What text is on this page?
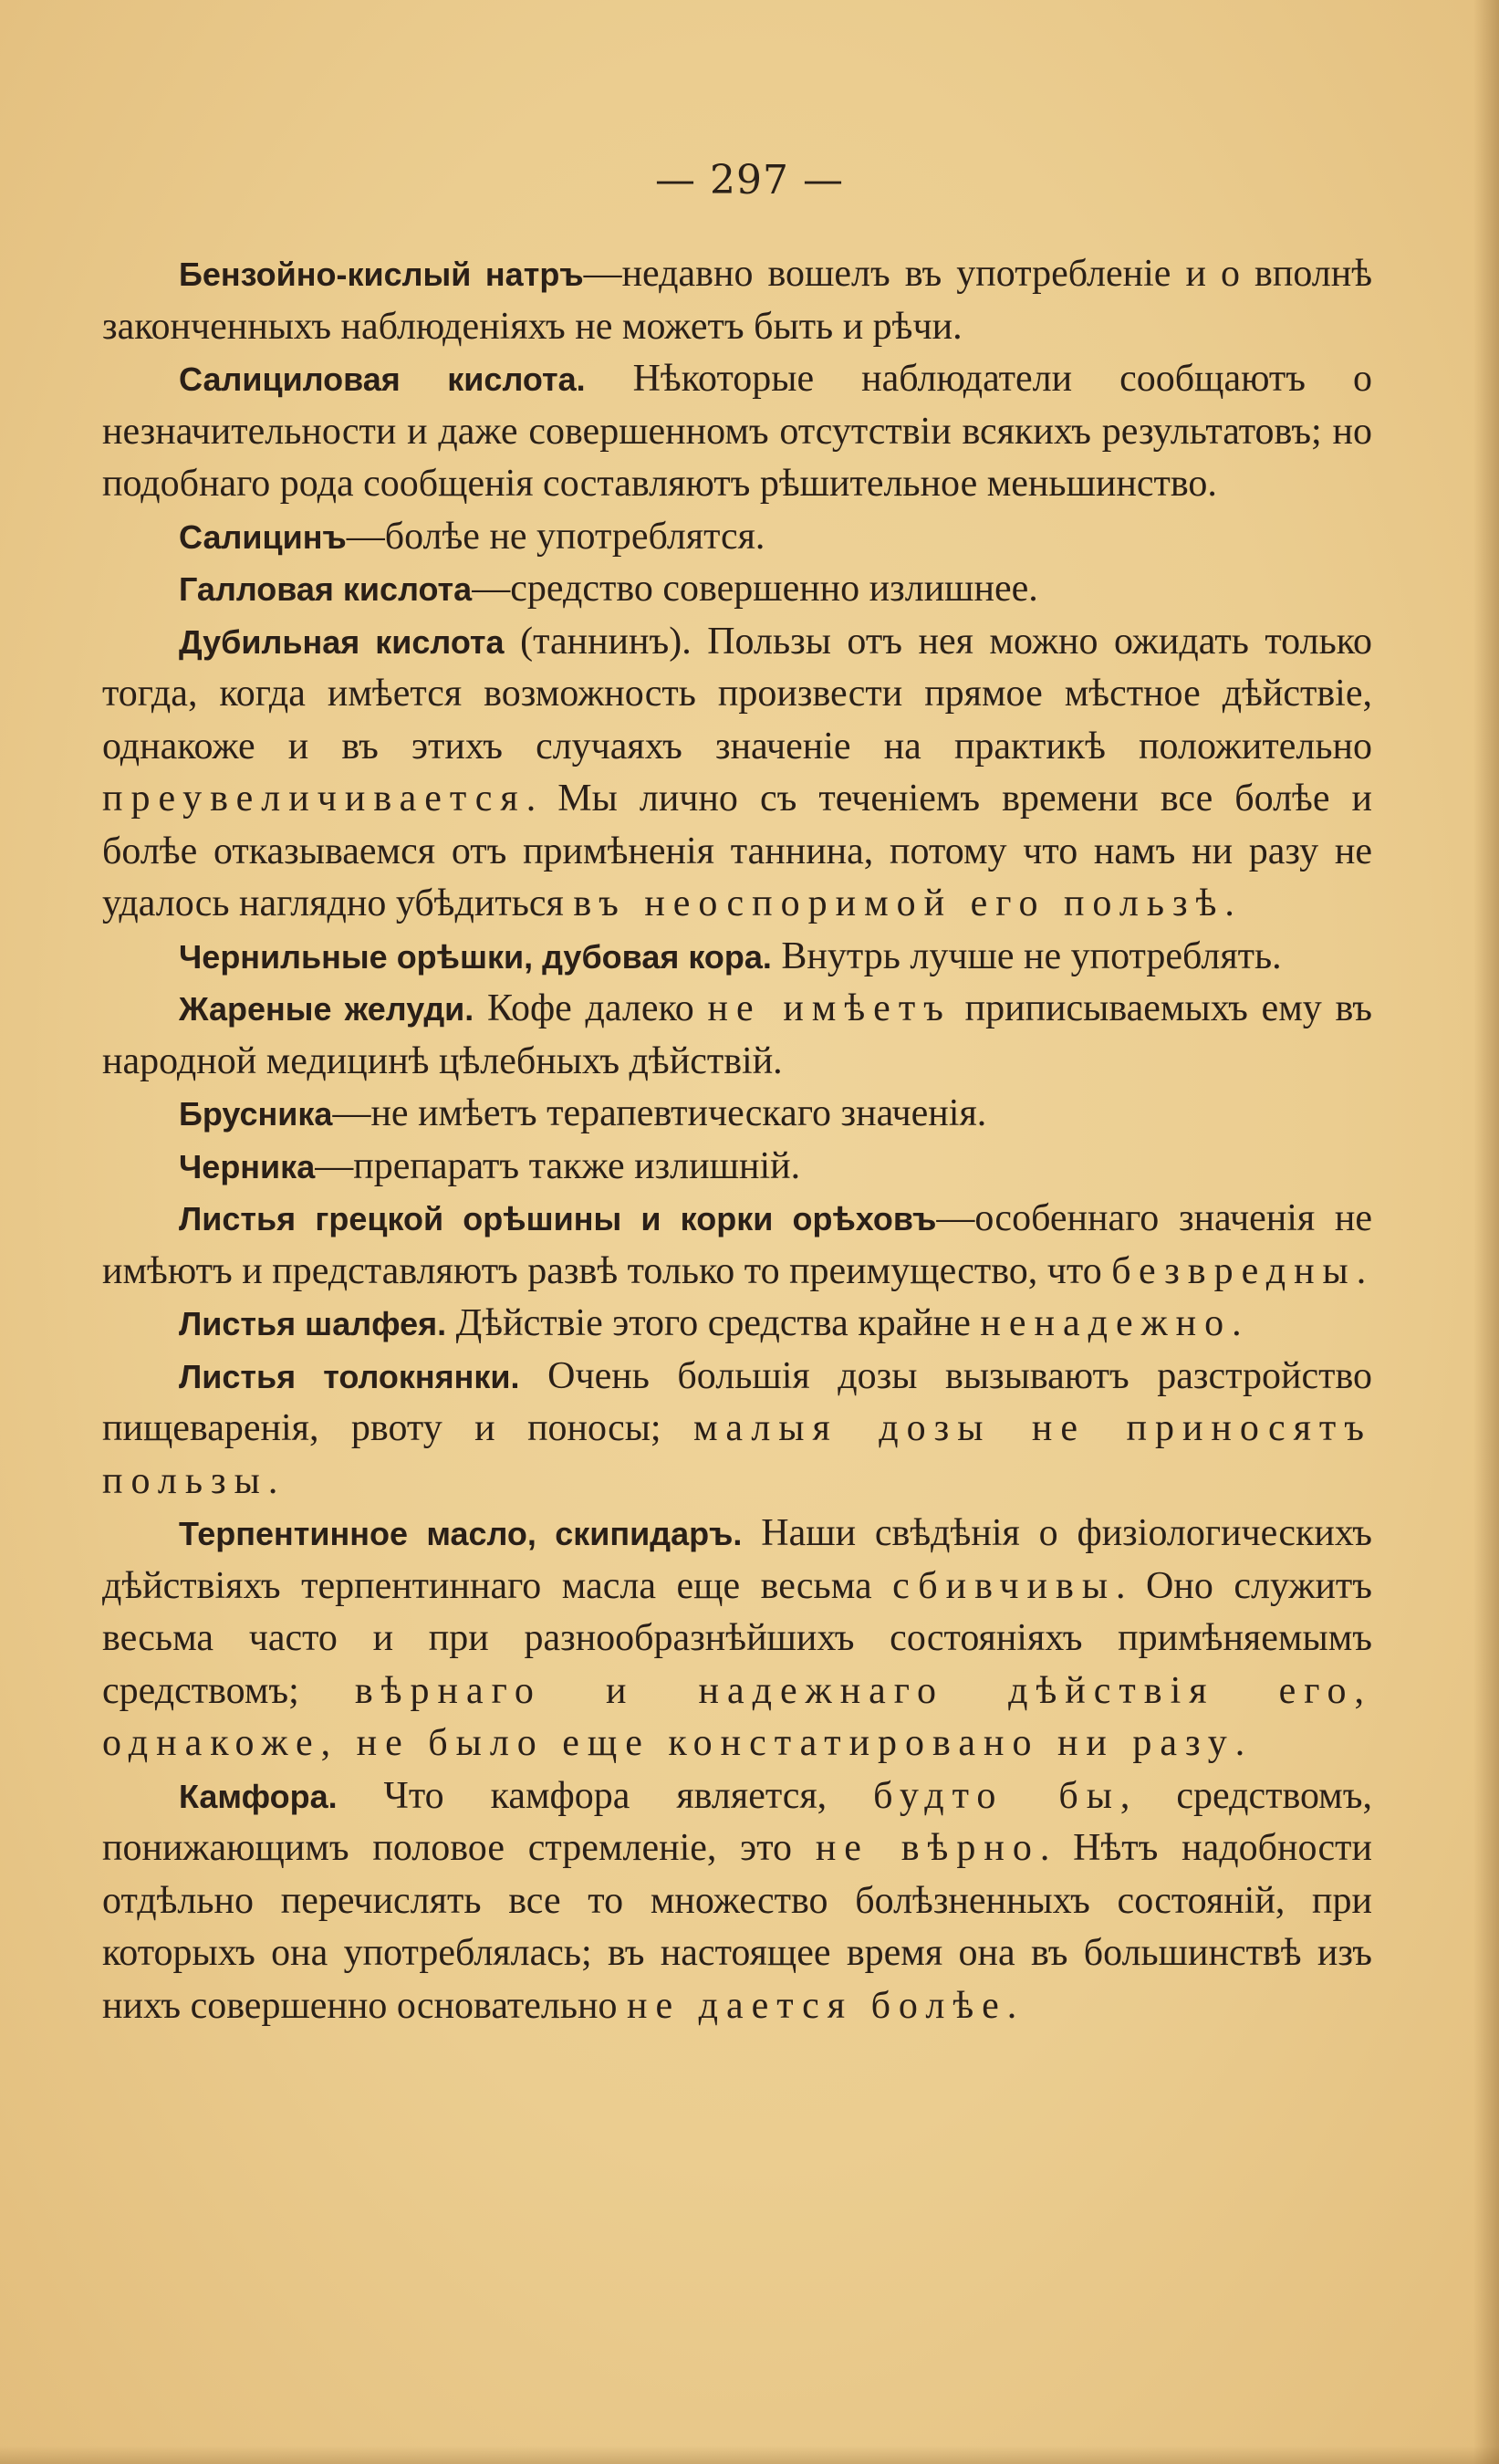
— 297 —

Бензойно-кислый натръ—недавно вошелъ въ употребленіе и о вполнѣ законченныхъ наблюденіяхъ не можетъ быть и рѣчи.

Салициловая кислота. Нѣкоторые наблюдатели сообщаютъ о незначительности и даже совершенномъ отсутствіи всякихъ результатовъ; но подобнаго рода сообщенія составляютъ рѣшительное меньшинство.

Салицинъ—болѣе не употреблятся.

Галловая кислота—средство совершенно излишнее.

Дубильная кислота (таннинъ). Пользы отъ нея можно ожидать только тогда, когда имѣется возможность произвести прямое мѣстное дѣйствіе, однакоже и въ этихъ случаяхъ значеніе на практикѣ положительно преувеличивается. Мы лично съ теченіемъ времени все болѣе и болѣе отказываемся отъ примѣненія таннина, потому что намъ ни разу не удалось наглядно убѣдиться въ неоспоримой его пользѣ.

Чернильные орѣшки, дубовая кора. Внутрь лучше не употреблять.

Жареные желуди. Кофе далеко не имѣетъ приписываемыхъ ему въ народной медицинѣ цѣлебныхъ дѣйствій.

Брусника—не имѣетъ терапевтическаго значенія.

Черника—препаратъ также излишній.

Листья грецкой орѣшины и корки орѣховъ—особеннаго значенія не имѣютъ и представляютъ развѣ только то преимущество, что безвредны.

Листья шалфея. Дѣйствіе этого средства крайне ненадежно.

Листья толокнянки. Очень большія дозы вызываютъ разстройство пищеваренія, рвоту и поносы; малыя дозы не приносятъ пользы.

Терпентинное масло, скипидаръ. Наши свѣдѣнія о физіологическихъ дѣйствіяхъ терпентиннаго масла еще весьма сбивчивы. Оно служитъ весьма часто и при разнообразнѣйшихъ состояніяхъ примѣняемымъ средствомъ; вѣрнаго и надежнаго дѣйствія его, однакоже, не было еще констатировано ни разу.

Камфора. Что камфора является, будто бы, средствомъ, понижающимъ половое стремленіе, это не вѣрно. Нѣтъ надобности отдѣльно перечислять все то множество болѣзненныхъ состояній, при которыхъ она употреблялась; въ настоящее время она въ большинствѣ изъ нихъ совершенно основательно не дается болѣе.
